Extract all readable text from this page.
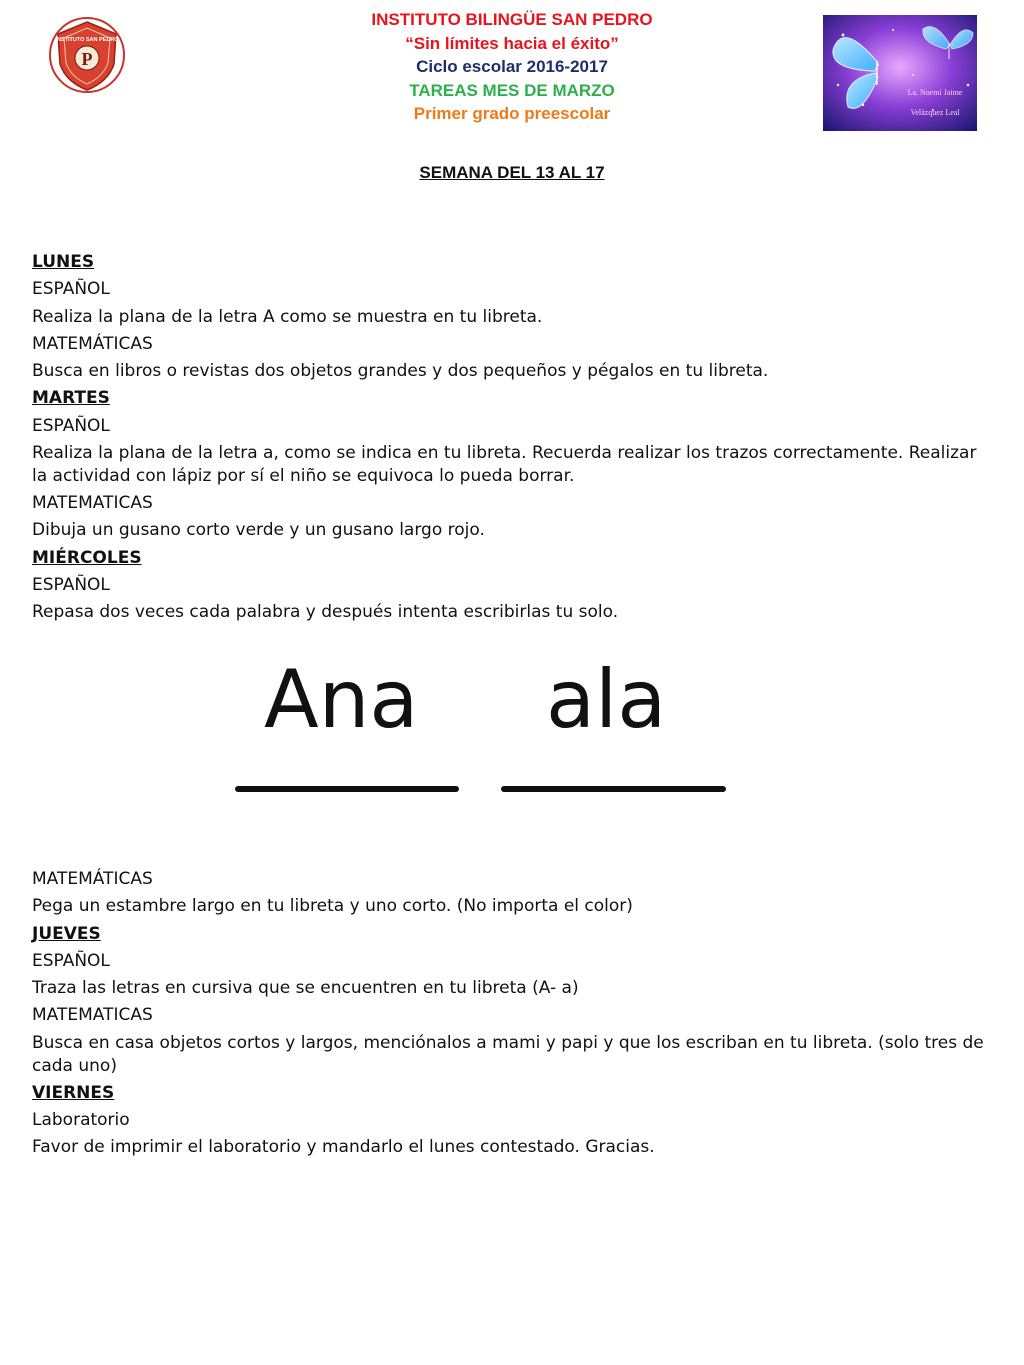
P
INSTITUTO SAN PEDRO
INSTITUTO BILINGÜE SAN PEDRO
“Sin límites hacia el éxito”
Ciclo escolar 2016-2017
TAREAS MES DE MARZO
Primer grado preescolar
La. Noemí Jaime
Velázquez Leal
SEMANA DEL 13 AL 17
LUNES
ESPAÑOL
Realiza la plana de la letra A como se muestra en tu libreta.
MATEMÁTICAS
Busca en libros o revistas dos objetos grandes y dos pequeños y pégalos en tu libreta.
MARTES
ESPAÑOL
Realiza la plana de la letra a, como se indica en tu libreta. Recuerda realizar los trazos correctamente. Realizar la actividad con lápiz por sí el niño se equivoca lo pueda borrar.
MATEMATICAS
Dibuja un gusano corto verde y un gusano largo rojo.
MIÉRCOLES
ESPAÑOL
Repasa dos veces cada palabra y después intenta escribirlas tu solo.
Ana ala
MATEMÁTICAS
Pega un estambre largo en tu libreta y uno corto. (No importa el color)
JUEVES
ESPAÑOL
Traza las letras en cursiva que se encuentren en tu libreta (A- a)
MATEMATICAS
Busca en casa objetos cortos y largos, menciónalos a mami y papi y que los escriban en tu libreta. (solo tres de cada uno)
VIERNES
Laboratorio
Favor de imprimir el laboratorio y mandarlo el lunes contestado. Gracias.
